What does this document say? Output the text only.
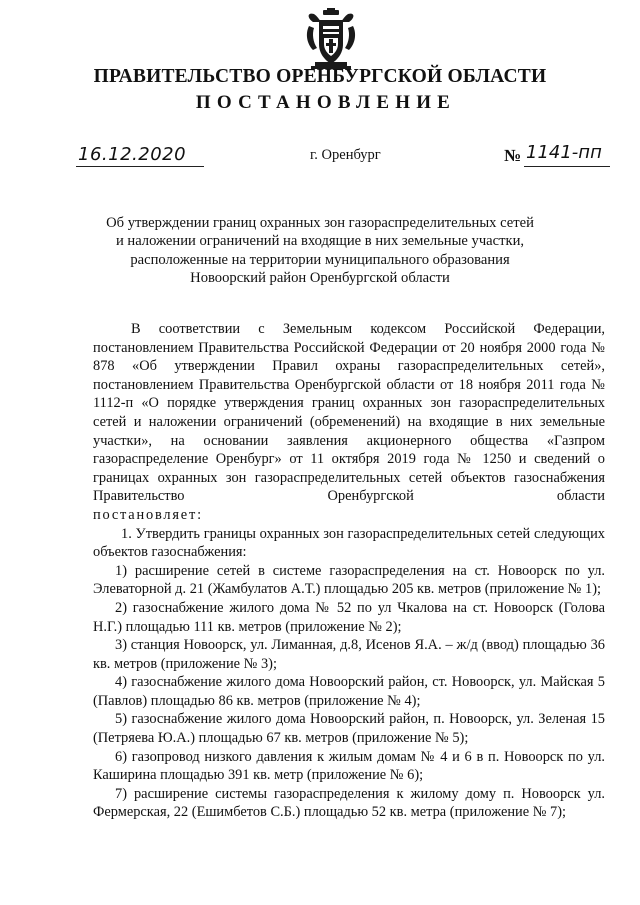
ПРАВИТЕЛЬСТВО ОРЕНБУРГСКОЙ ОБЛАСТИ
ПОСТАНОВЛЕНИЕ
16.12.2020	г. Оренбург	№ 1141-пп
Об утверждении границ охранных зон газораспределительных сетей
и наложении ограничений на входящие в них земельные участки,
расположенные на территории муниципального образования
Новоорский район Оренбургской области

В соответствии с Земельным кодексом Российской Федерации, постановлением Правительства Российской Федерации от 20 ноября 2000 года № 878 «Об утверждении Правил охраны газораспределительных сетей», постановлением Правительства Оренбургской области от 18 ноября 2011 года № 1112-п «О порядке утверждения границ охранных зон газораспределительных сетей и наложении ограничений (обременений) на входящие в них земельные участки», на основании заявления акционерного общества «Газпром газораспределение Оренбург» от 11 октября 2019 года № 1250 и сведений о границах охранных зон газораспределительных сетей объектов газоснабжения Правительство Оренбургской области

постановляет:

1. Утвердить границы охранных зон газораспределительных сетей следующих объектов газоснабжения:

1) расширение сетей в системе газораспределения на ст. Новоорск по ул. Элеваторной д. 21 (Жамбулатов А.Т.) площадью 205 кв. метров (приложение № 1);

2) газоснабжение жилого дома № 52 по ул Чкалова на ст. Новоорск (Голова Н.Г.) площадью 111 кв. метров (приложение № 2);

3) станция Новоорск, ул. Лиманная, д.8, Исенов Я.А. – ж/д (ввод) площадью 36 кв. метров (приложение № 3);

4) газоснабжение жилого дома Новоорский район, ст. Новоорск, ул. Майская 5 (Павлов) площадью 86 кв. метров (приложение № 4);

5) газоснабжение жилого дома Новоорский район, п. Новоорск, ул. Зеленая 15 (Петряева Ю.А.) площадью 67 кв. метров (приложение № 5);

6) газопровод низкого давления к жилым домам № 4 и 6 в п. Новоорск по ул. Каширина площадью 391 кв. метр (приложение № 6);

7) расширение системы газораспределения к жилому дому п. Новоорск ул. Фермерская, 22 (Ешимбетов С.Б.) площадью 52 кв. метра (приложение № 7);
